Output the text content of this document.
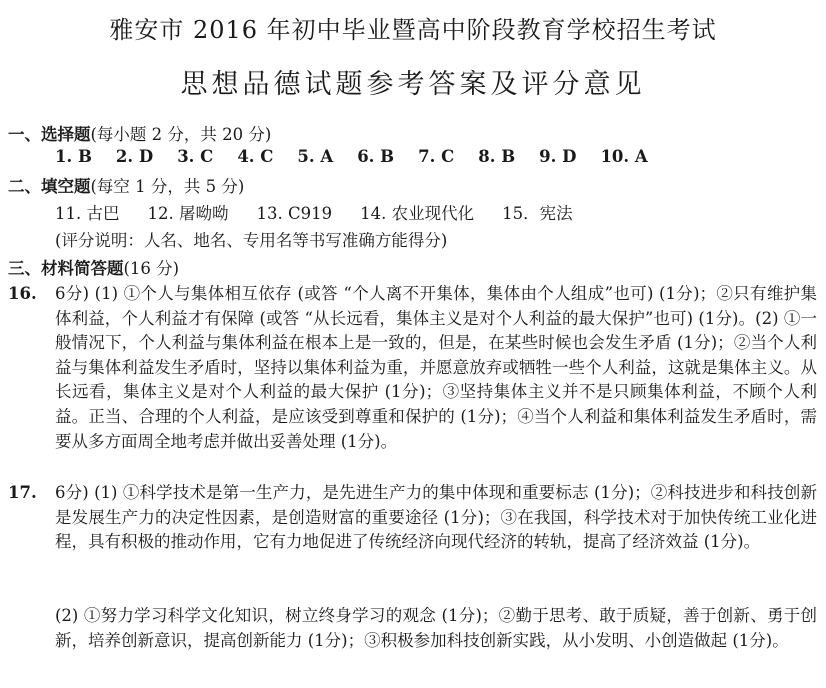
雅安市 2016 年初中毕业暨高中阶段教育学校招生考试
思想品德试题参考答案及评分意见
一、选择题(每小题 2 分，共 20 分)
1. B 2. D 3. C 4. C 5. A 6. B 7. C 8. B 9. D 10. A
二、填空题(每空 1 分，共 5 分)
11. 古巴 12. 屠呦呦 13. C919 14. 农业现代化 15．宪法
(评分说明：人名、地名、专用名等书写准确方能得分)
三、材料简答题(16 分)
16. 6分) (1) ①个人与集体相互依存 (或答 “个人离不开集体，集体由个人组成”也可) (1分)；②只有维护集体利益，个人利益才有保障 (或答 “从长远看，集体主义是对个人利益的最大保护”也可) (1分)。(2) ①一般情况下，个人利益与集体利益在根本上是一致的，但是，在某些时候也会发生矛盾 (1分)；②当个人利益与集体利益发生矛盾时，坚持以集体利益为重，并愿意放弃或牺牲一些个人利益，这就是集体主义。从长远看，集体主义是对个人利益的最大保护 (1分)；③坚持集体主义并不是只顾集体利益，不顾个人利益。正当、合理的个人利益，是应该受到尊重和保护的 (1分)；④当个人利益和集体利益发生矛盾时，需要从多方面周全地考虑并做出妥善处理 (1分)。
17. 6分) (1) ①科学技术是第一生产力，是先进生产力的集中体现和重要标志 (1分)；②科技进步和科技创新是发展生产力的决定性因素，是创造财富的重要途径 (1分)；③在我国，科学技术对于加快传统工业化进程，具有积极的推动作用，它有力地促进了传统经济向现代经济的转轨，提高了经济效益 (1分)。
(2) ①努力学习科学文化知识，树立终身学习的观念 (1分)；②勤于思考、敢于质疑，善于创新、勇于创新，培养创新意识，提高创新能力 (1分)；③积极参加科技创新实践，从小发明、小创造做起 (1分)。
